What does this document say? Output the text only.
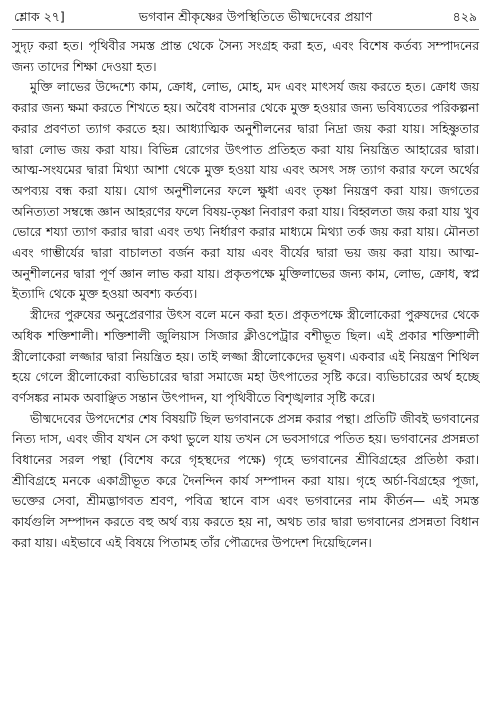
শ্লোক ২৭]	ভগবান শ্রীকৃষ্ণের উপস্থিতিতে ভীষ্মদেবের প্রয়াণ	৪২৯

সুদৃঢ় করা হত। পৃথিবীর সমস্ত প্রান্ত থেকে সৈন্য সংগ্রহ করা হত, এবং বিশেষ কর্তব্য সম্পাদনের জন্য তাদের শিক্ষা দেওয়া হত।

মুক্তি লাভের উদ্দেশ্যে কাম, ক্রোধ, লোভ, মোহ, মদ এবং মাৎসর্য জয় করতে হত। ক্রোধ জয় করার জন্য ক্ষমা করতে শিখতে হয়। অবৈধ বাসনার থেকে মুক্ত হওয়ার জন্য ভবিষ্যতের পরিকল্পনা করার প্রবণতা ত্যাগ করতে হয়। আধ্যাত্মিক অনুশীলনের দ্বারা নিদ্রা জয় করা যায়। সহিষ্ণুতার দ্বারা লোভ জয় করা যায়। বিভিন্ন রোগের উৎপাত প্রতিহত করা যায় নিয়ন্ত্রিত আহারের দ্বারা। আত্ম-সংযমের দ্বারা মিথ্যা আশা থেকে মুক্ত হওয়া যায় এবং অসৎ সঙ্গ ত্যাগ করার ফলে অর্থের অপব্যয় বন্ধ করা যায়। যোগ অনুশীলনের ফলে ক্ষুধা এবং তৃষ্ণা নিয়ন্ত্রণ করা যায়। জগতের অনিত্যতা সম্বন্ধে জ্ঞান আহরণের ফলে বিষয়-তৃষ্ণা নিবারণ করা যায়। বিহ্বলতা জয় করা যায় খুব ভোরে শয্যা ত্যাগ করার দ্বারা এবং তথ্য নির্ধারণ করার মাধ্যমে মিথ্যা তর্ক জয় করা যায়। মৌনতা এবং গাম্ভীর্যের দ্বারা বাচালতা বর্জন করা যায় এবং বীর্যের দ্বারা ভয় জয় করা যায়। আত্ম-অনুশীলনের দ্বারা পূর্ণ জ্ঞান লাভ করা যায়। প্রকৃতপক্ষে মুক্তিলাভের জন্য কাম, লোভ, ক্রোধ, স্বপ্ন ইত্যাদি থেকে মুক্ত হওয়া অবশ্য কর্তব্য।

স্ত্রীদের পুরুষের অনুপ্রেরণার উৎস বলে মনে করা হত। প্রকৃতপক্ষে স্ত্রীলোকেরা পুরুষদের থেকে অধিক শক্তিশালী। শক্তিশালী জুলিয়াস সিজার ক্লীওপেট্রার বশীভূত ছিল। এই প্রকার শক্তিশালী স্ত্রীলোকেরা লজ্জার দ্বারা নিয়ন্ত্রিত হয়। তাই লজ্জা স্ত্রীলোকেদের ভূষণ। একবার এই নিয়ন্ত্রণ শিথিল হয়ে গেলে স্ত্রীলোকেরা ব্যভিচারের দ্বারা সমাজে মহা উৎপাতের সৃষ্টি করে। ব্যভিচারের অর্থ হচ্ছে বর্ণসঙ্কর নামক অবাঞ্ছিত সন্তান উৎপাদন, যা পৃথিবীতে বিশৃঙ্খলার সৃষ্টি করে।

ভীষ্মদেবের উপদেশের শেষ বিষয়টি ছিল ভগবানকে প্রসন্ন করার পন্থা। প্রতিটি জীবই ভগবানের নিত্য দাস, এবং জীব যখন সে কথা ভুলে যায় তখন সে ভবসাগরে পতিত হয়। ভগবানের প্রসন্নতা বিধানের সরল পন্থা (বিশেষ করে গৃহস্থদের পক্ষে) গৃহে ভগবানের শ্রীবিগ্রহের প্রতিষ্ঠা করা। শ্রীবিগ্রহে মনকে একাগ্রীভূত করে দৈনন্দিন কার্য সম্পাদন করা যায়। গৃহে অর্চা-বিগ্রহের পূজা, ভক্তের সেবা, শ্রীমদ্ভাগবত শ্রবণ, পবিত্র স্থানে বাস এবং ভগবানের নাম কীর্তন— এই সমস্ত কার্যগুলি সম্পাদন করতে বহু অর্থ ব্যয় করতে হয় না, অথচ তার দ্বারা ভগবানের প্রসন্নতা বিধান করা যায়। এইভাবে এই বিষয়ে পিতামহ তাঁর পৌত্রদের উপদেশ দিয়েছিলেন।
